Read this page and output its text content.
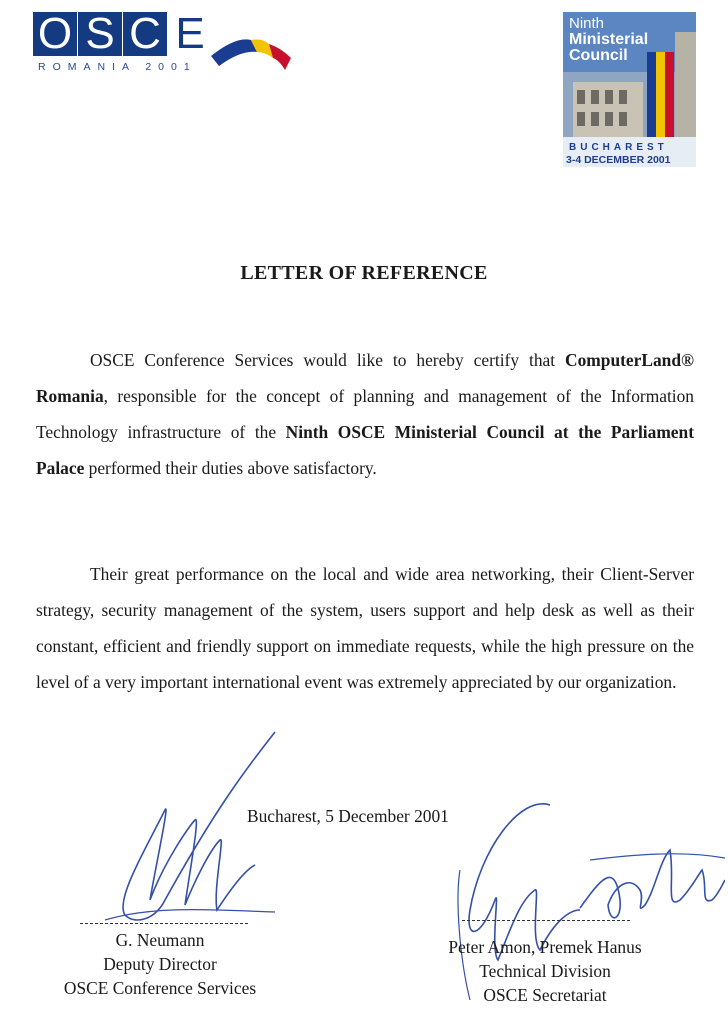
O S C E
ROMANIA 2001
Ninth
Ministerial
Council
BUCHAREST
3-4 DECEMBER 2001
LETTER OF REFERENCE

OSCE Conference Services would like to hereby certify that ComputerLand® Romania, responsible for the concept of planning and management of the Information Technology infrastructure of the Ninth OSCE Ministerial Council at the Parliament Palace performed their duties above satisfactory.

Their great performance on the local and wide area networking, their Client-Server strategy, security management of the system, users support and help desk as well as their constant, efficient and friendly support on immediate requests, while the high pressure on the level of a very important international event was extremely appreciated by our organization.

Bucharest, 5 December 2001
G. Neumann
Deputy Director
OSCE Conference Services
Peter Amon, Premek Hanus
Technical Division
OSCE Secretariat
